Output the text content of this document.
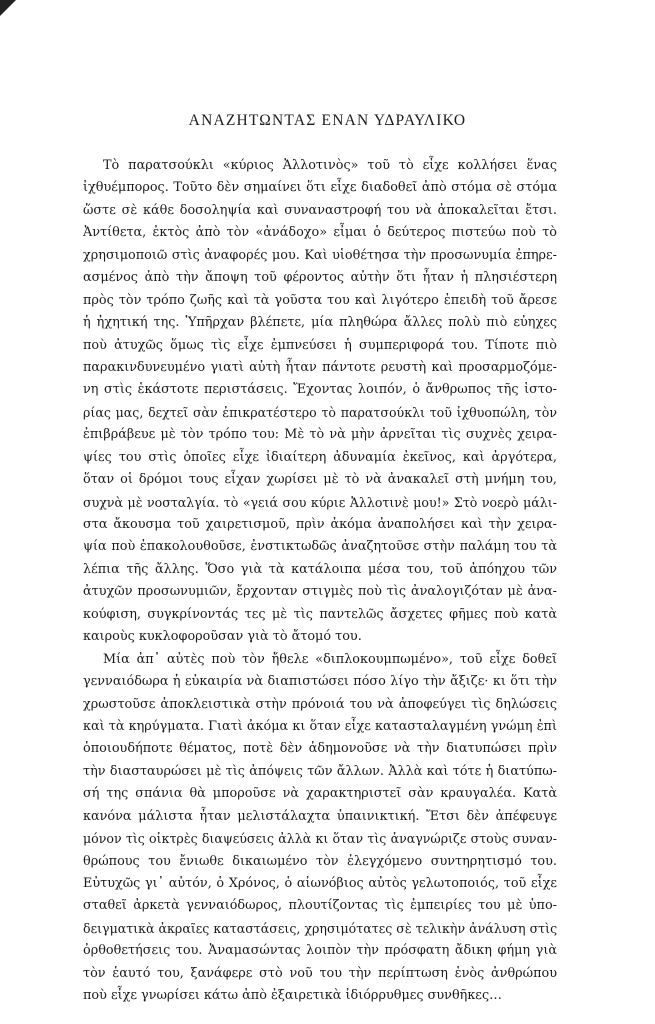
ΑΝΑΖΗΤΩΝΤΑΣ ΕΝΑΝ ΥΔΡΑΥΛΙΚΟ
Τὸ παρατσούκλι «κύριος Ἀλλοτινὸς» τοῦ τὸ εἶχε κολλήσει ἕνας
ἰχθυέμπορος. Τοῦτο δὲν σημαίνει ὅτι εἶχε διαδοθεῖ ἀπὸ στόμα σὲ στόμα
ὥστε σὲ κάθε δοσοληψία καὶ συναναστροφή του νὰ ἀποκαλεῖται ἔτσι.
Ἀντίθετα, ἐκτὸς ἀπὸ τὸν «ἀνάδοχο» εἶμαι ὁ δεύτερος πιστεύω ποὺ τὸ
χρησιμοποιῶ στὶς ἀναφορές μου. Καὶ υἱοθέτησα τὴν προσωνυμία ἐπηρε-
ασμένος ἀπὸ τὴν ἄποψη τοῦ φέροντος αὐτὴν ὅτι ἦταν ἡ πλησιέστερη
πρὸς τὸν τρόπο ζωῆς καὶ τὰ γοῦστα του καὶ λιγότερο ἐπειδὴ τοῦ ἄρεσε
ἡ ἠχητική της. Ὑπῆρχαν βλέπετε, μία πληθώρα ἄλλες πολὺ πιὸ εὐηχες
ποὺ ἀτυχῶς ὅμως τὶς εἶχε ἐμπνεύσει ἡ συμπεριφορά του. Τίποτε πιὸ
παρακινδυνευμένο γιατὶ αὐτὴ ἦταν πάντοτε ρευστὴ καὶ προσαρμοζόμε-
νη στὶς ἑκάστοτε περιστάσεις. Ἔχοντας λοιπόν, ὁ ἄνθρωπος τῆς ἱστο-
ρίας μας, δεχτεῖ σὰν ἐπικρατέστερο τὸ παρατσούκλι τοῦ ἰχθυοπώλη, τὸν
ἐπιβράβευε μὲ τὸν τρόπο του: Μὲ τὸ νὰ μὴν ἀρνεῖται τὶς συχνὲς χειρα-
ψίες του στὶς ὁποῖες εἶχε ἰδιαίτερη ἀδυναμία ἐκεῖνος, καὶ ἀργότερα,
ὅταν οἱ δρόμοι τους εἶχαν χωρίσει μὲ τὸ νὰ ἀνακαλεῖ στὴ μνήμη του,
συχνὰ μὲ νοσταλγία. τὸ «γειά σου κύριε Ἀλλοτινὲ μου!» Στὸ νοερὸ μάλι-
στα ἄκουσμα τοῦ χαιρετισμοῦ, πρὶν ἀκόμα ἀναπολήσει καὶ τὴν χειρα-
ψία ποὺ ἐπακολουθοῦσε, ἐνστικτωδῶς ἀναζητοῦσε στὴν παλάμη του τὰ
λέπια τῆς ἄλλης. Ὅσο γιὰ τὰ κατάλοιπα μέσα του, τοῦ ἀπόηχου τῶν
ἀτυχῶν προσωνυμιῶν, ἔρχονταν στιγμὲς ποὺ τὶς ἀναλογιζόταν μὲ ἀνα-
κούφιση, συγκρίνοντάς τες μὲ τὶς παντελῶς ἄσχετες φῆμες ποὺ κατὰ
καιροὺς κυκλοφοροῦσαν γιὰ τὸ ἄτομό του.
Μία ἀπ᾽ αὐτὲς ποὺ τὸν ἤθελε «διπλοκουμπωμένο», τοῦ εἶχε δοθεῖ
γενναιόδωρα ἡ εὐκαιρία νὰ διαπιστώσει πόσο λίγο τὴν ἄξιζε· κι ὅτι τὴν
χρωστοῦσε ἀποκλειστικὰ στὴν πρόνοιά του νὰ ἀποφεύγει τὶς δηλώσεις
καὶ τὰ κηρύγματα. Γιατὶ ἀκόμα κι ὅταν εἶχε κατασταλαγμένη γνώμη ἐπὶ
ὁποιουδήποτε θέματος, ποτὲ δὲν ἀδημονοῦσε νὰ τὴν διατυπώσει πρὶν
τὴν διασταυρώσει μὲ τὶς ἀπόψεις τῶν ἄλλων. Ἀλλὰ καὶ τότε ἡ διατύπω-
σή της σπάνια θὰ μποροῦσε νὰ χαρακτηριστεῖ σὰν κραυγαλέα. Κατὰ
κανόνα μάλιστα ἦταν μελιστάλαχτα ὑπαινικτική. Ἔτσι δὲν ἀπέφευγε
μόνον τὶς οἰκτρὲς διαψεύσεις ἀλλὰ κι ὅταν τὶς ἀναγνώριζε στοὺς συναν-
θρώπους του ἔνιωθε δικαιωμένο τὸν ἐλεγχόμενο συντηρητισμό του.
Εὐτυχῶς γι᾽ αὐτόν, ὁ Χρόνος, ὁ αἰωνόβιος αὐτὸς γελωτοποιός, τοῦ εἶχε
σταθεῖ ἀρκετὰ γενναιόδωρος, πλουτίζοντας τὶς ἐμπειρίες του μὲ ὑπο-
δειγματικὰ ἀκραῖες καταστάσεις, χρησιμότατες σὲ τελικὴν ἀνάλυση στὶς
ὀρθοθετήσεις του. Ἀναμασώντας λοιπὸν τὴν πρόσφατη ἄδικη φήμη γιὰ
τὸν ἑαυτό του, ξανάφερε στὸ νοῦ του τὴν περίπτωση ἑνὸς ἀνθρώπου
ποὺ εἶχε γνωρίσει κάτω ἀπὸ ἐξαιρετικὰ ἰδιόρρυθμες συνθῆκες…
